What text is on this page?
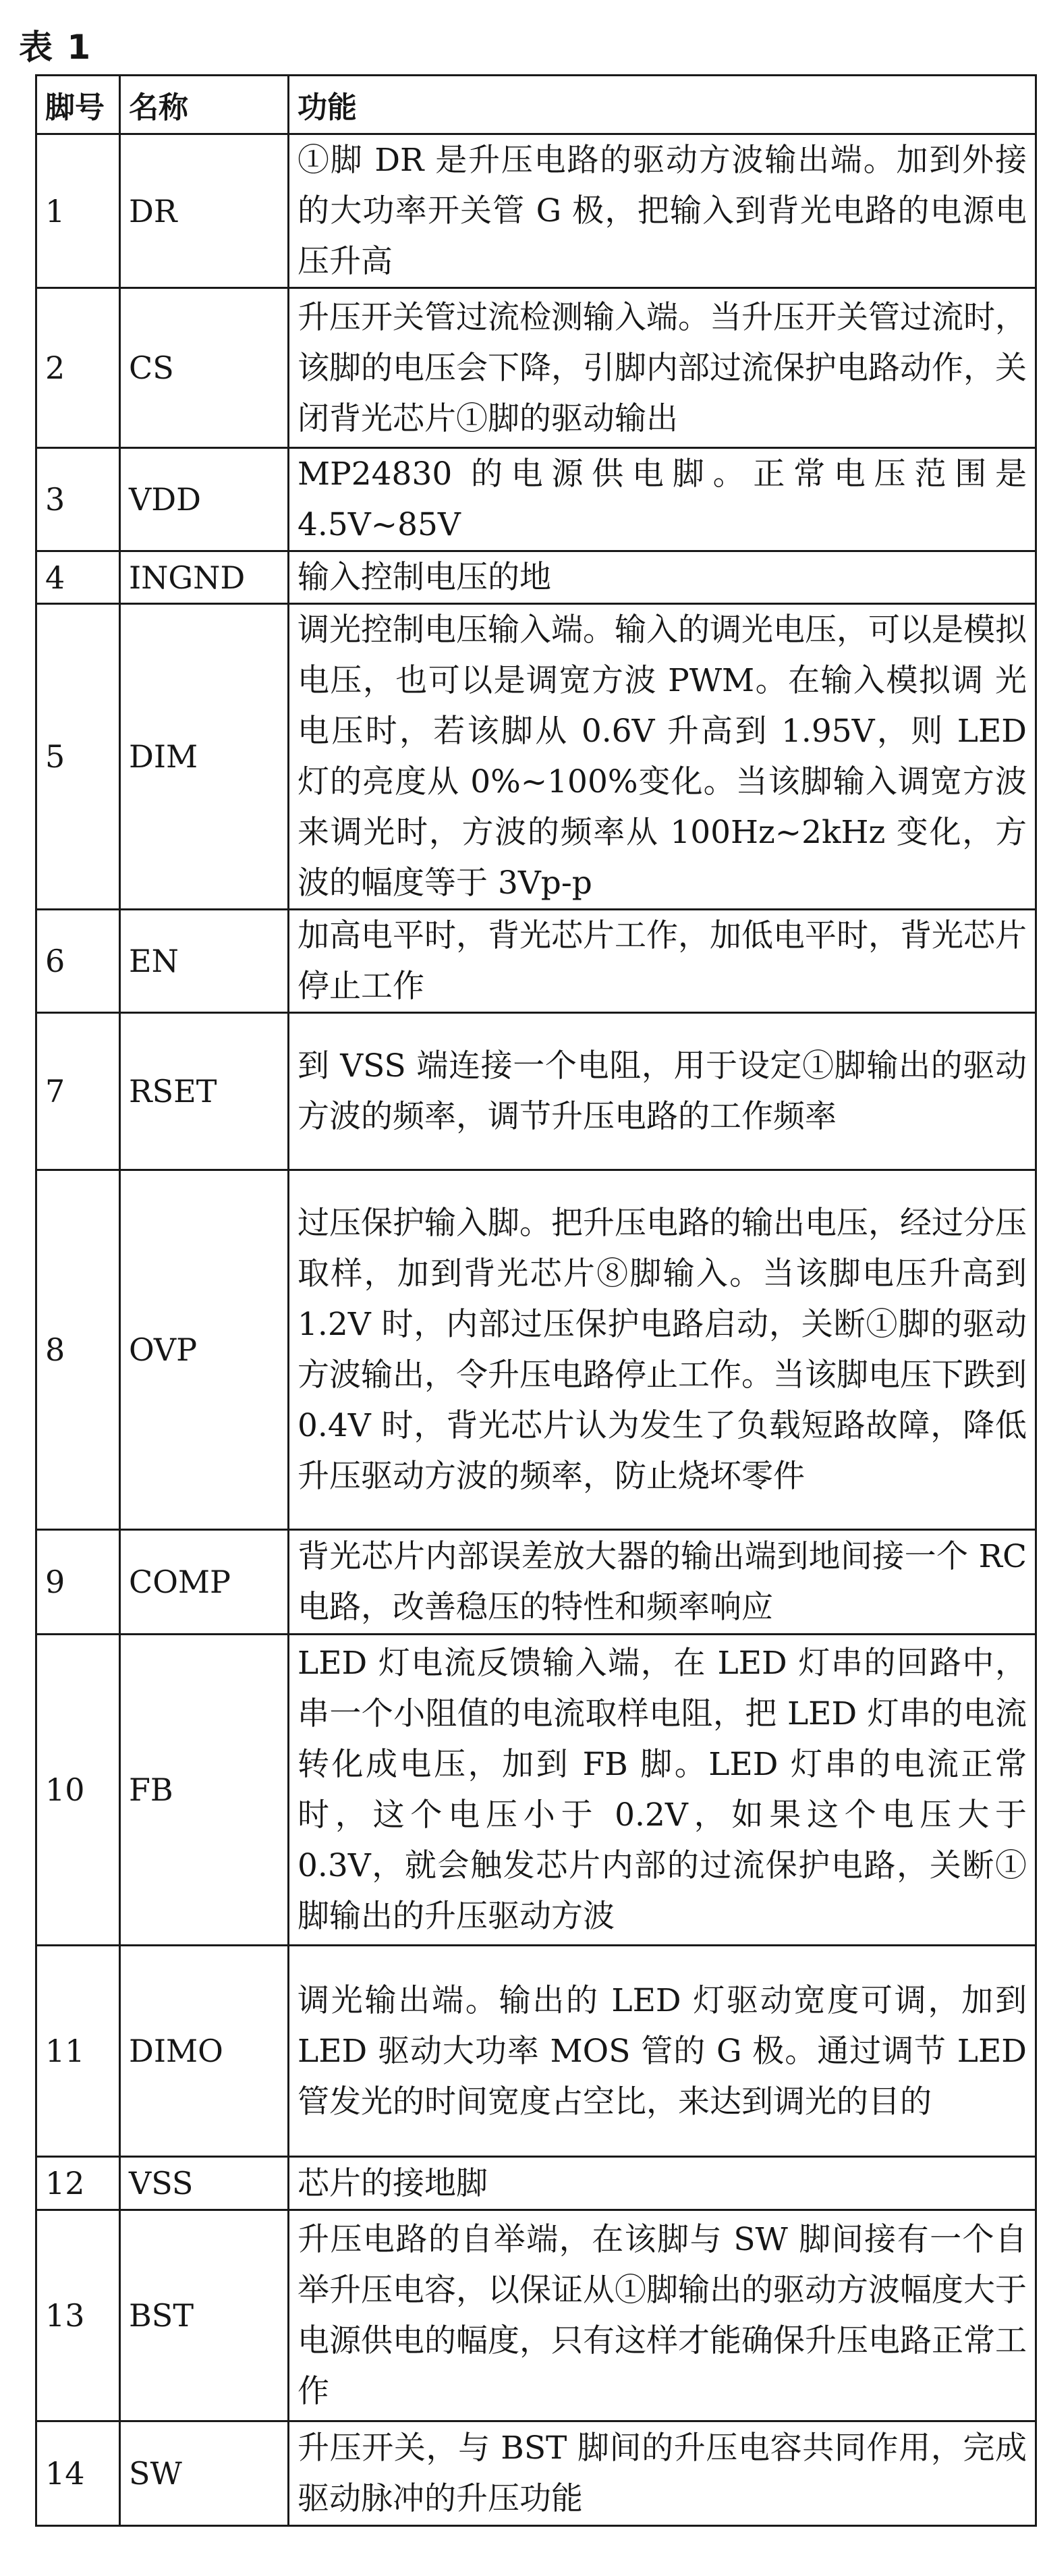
表 1
脚号	名称	功能
1	DR	①脚 DR 是升压电路的驱动方波输出端。加到外接的大功率开关管 G 极，把输入到背光电路的电源电压升高
2	CS	升压开关管过流检测输入端。当升压开关管过流时，该脚的电压会下降，引脚内部过流保护电路动作，关闭背光芯片①脚的驱动输出
3	VDD	MP24830 的电源供电脚。正常电压范围是 4.5V~85V
4	INGND	输入控制电压的地
5	DIM	调光控制电压输入端。输入的调光电压，可以是模拟电压，也可以是调宽方波 PWM。在输入模拟调 光电压时，若该脚从 0.6V 升高到 1.95V，则 LED 灯的亮度从 0%~100%变化。当该脚输入调宽方波来调光时，方波的频率从 100Hz~2kHz 变化，方波的幅度等于 3Vp-p
6	EN	加高电平时，背光芯片工作，加低电平时，背光芯片停止工作
7	RSET	到 VSS 端连接一个电阻，用于设定①脚输出的驱动方波的频率，调节升压电路的工作频率
8	OVP	过压保护输入脚。把升压电路的输出电压，经过分压取样，加到背光芯片⑧脚输入。当该脚电压升高到 1.2V 时，内部过压保护电路启动，关断①脚的驱动方波输出，令升压电路停止工作。当该脚电压下跌到 0.4V 时，背光芯片认为发生了负载短路故障，降低升压驱动方波的频率，防止烧坏零件
9	COMP	背光芯片内部误差放大器的输出端到地间接一个 RC 电路，改善稳压的特性和频率响应
10	FB	LED 灯电流反馈输入端，在 LED 灯串的回路中，串一个小阻值的电流取样电阻，把 LED 灯串的电流转化成电压，加到 FB 脚。LED 灯串的电流正常时，这个电压小于 0.2V，如果这个电压大于 0.3V，就会触发芯片内部的过流保护电路，关断①脚输出的升压驱动方波
11	DIMO	调光输出端。输出的 LED 灯驱动宽度可调，加到 LED 驱动大功率 MOS 管的 G 极。通过调节 LED 管发光的时间宽度占空比，来达到调光的目的
12	VSS	芯片的接地脚
13	BST	升压电路的自举端，在该脚与 SW 脚间接有一个自举升压电容，以保证从①脚输出的驱动方波幅度大于电源供电的幅度，只有这样才能确保升压电路正常工作
14	SW	升压开关，与 BST 脚间的升压电容共同作用，完成驱动脉冲的升压功能
